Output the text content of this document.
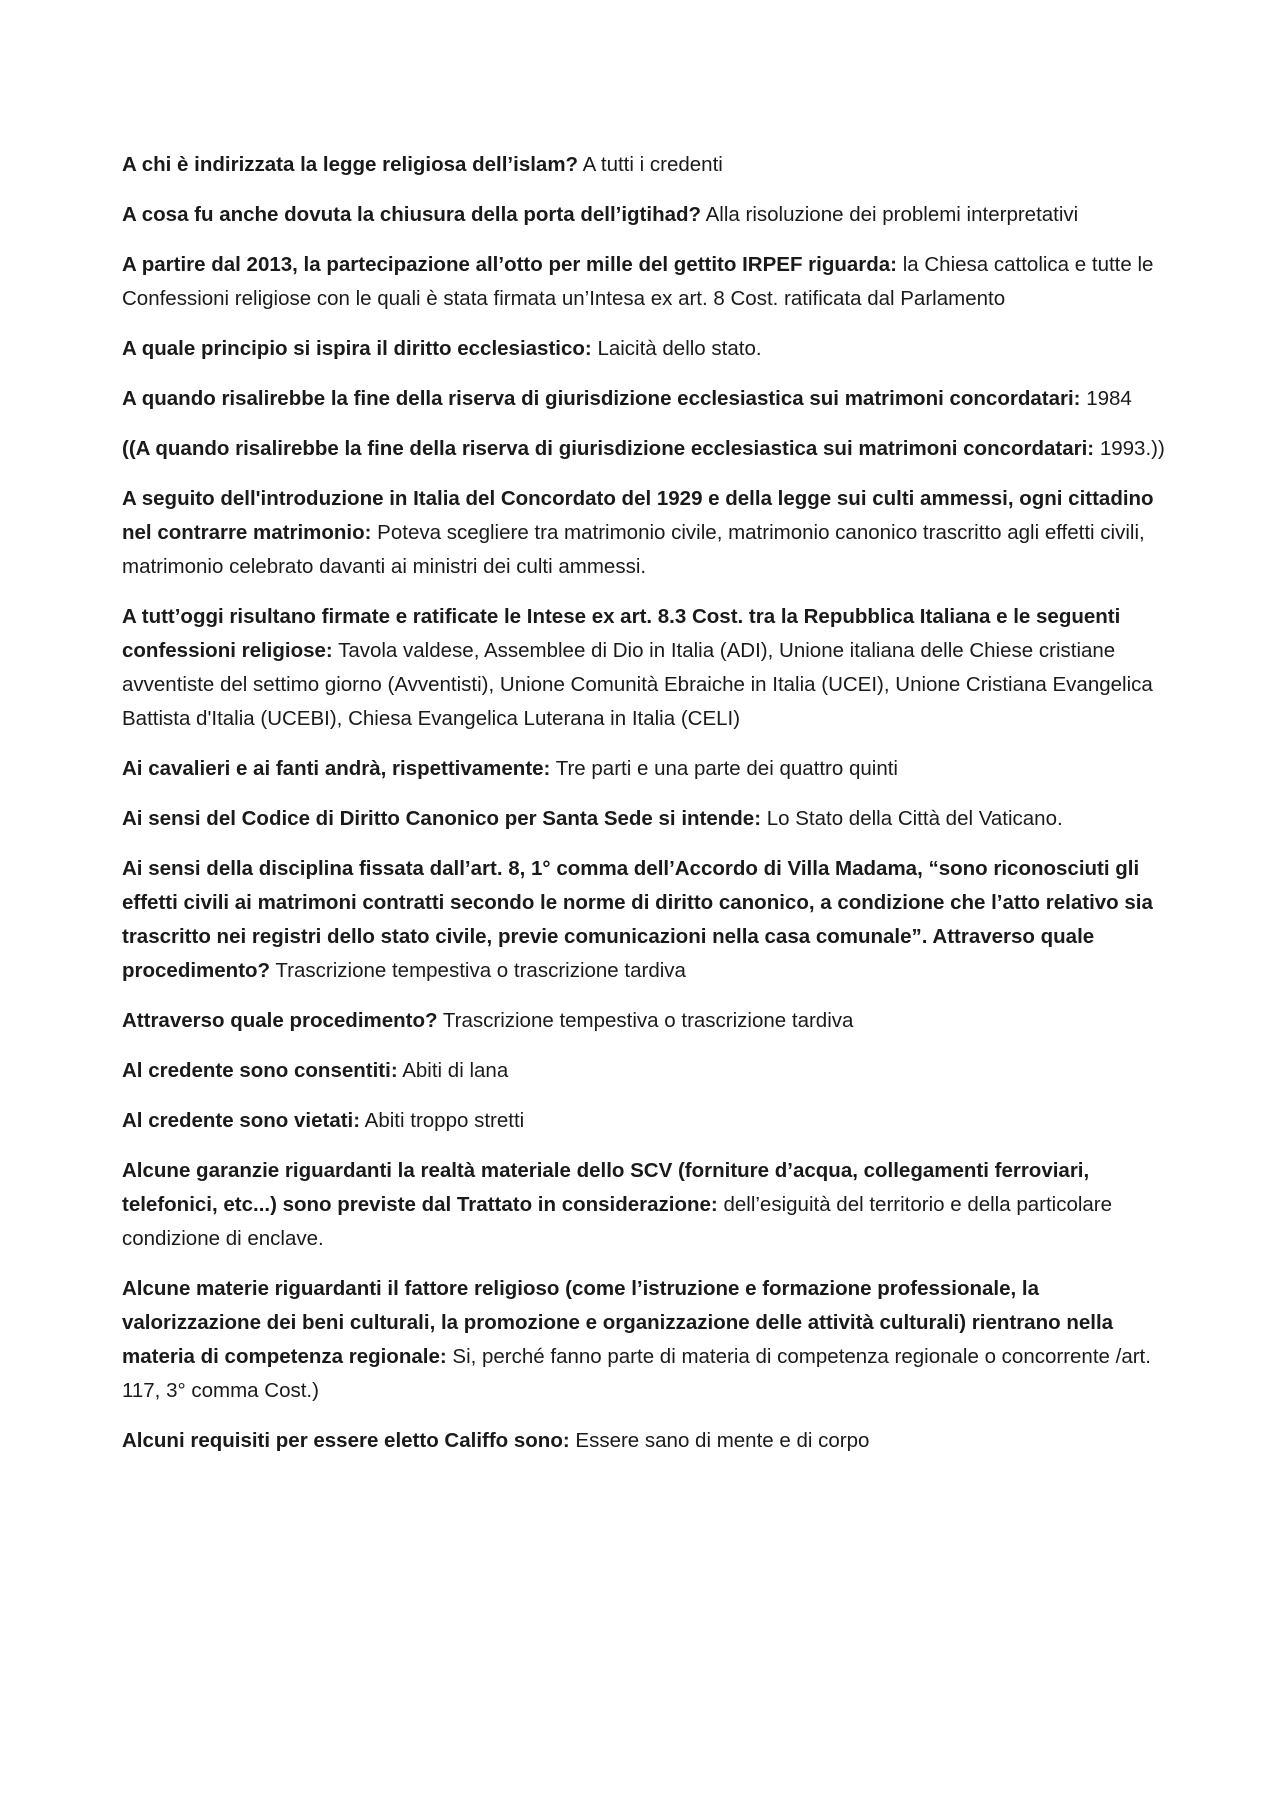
A chi è indirizzata la legge religiosa dell’islam? A tutti i credenti

A cosa fu anche dovuta la chiusura della porta dell’igtihad? Alla risoluzione dei problemi interpretativi

A partire dal 2013, la partecipazione all’otto per mille del gettito IRPEF riguarda: la Chiesa cattolica e tutte le Confessioni religiose con le quali è stata firmata un’Intesa ex art. 8 Cost. ratificata dal Parlamento

A quale principio si ispira il diritto ecclesiastico: Laicità dello stato.

A quando risalirebbe la fine della riserva di giurisdizione ecclesiastica sui matrimoni concordatari: 1984

((A quando risalirebbe la fine della riserva di giurisdizione ecclesiastica sui matrimoni concordatari: 1993.))

A seguito dell'introduzione in Italia del Concordato del 1929 e della legge sui culti ammessi, ogni cittadino nel contrarre matrimonio: Poteva scegliere tra matrimonio civile, matrimonio canonico trascritto agli effetti civili, matrimonio celebrato davanti ai ministri dei culti ammessi.

A tutt’oggi risultano firmate e ratificate le Intese ex art. 8.3 Cost. tra la Repubblica Italiana e le seguenti confessioni religiose: Tavola valdese, Assemblee di Dio in Italia (ADI), Unione italiana delle Chiese cristiane avventiste del settimo giorno (Avventisti), Unione Comunità Ebraiche in Italia (UCEI), Unione Cristiana Evangelica Battista d'Italia (UCEBI), Chiesa Evangelica Luterana in Italia (CELI)

Ai cavalieri e ai fanti andrà, rispettivamente: Tre parti e una parte dei quattro quinti

Ai sensi del Codice di Diritto Canonico per Santa Sede si intende: Lo Stato della Città del Vaticano.

Ai sensi della disciplina fissata dall’art. 8, 1° comma dell’Accordo di Villa Madama, “sono riconosciuti gli effetti civili ai matrimoni contratti secondo le norme di diritto canonico, a condizione che l’atto relativo sia trascritto nei registri dello stato civile, previe comunicazioni nella casa comunale”. Attraverso quale procedimento? Trascrizione tempestiva o trascrizione tardiva

Attraverso quale procedimento? Trascrizione tempestiva o trascrizione tardiva

Al credente sono consentiti: Abiti di lana

Al credente sono vietati: Abiti troppo stretti

Alcune garanzie riguardanti la realtà materiale dello SCV (forniture d’acqua, collegamenti ferroviari, telefonici, etc...) sono previste dal Trattato in considerazione: dell’esiguità del territorio e della particolare condizione di enclave.

Alcune materie riguardanti il fattore religioso (come l’istruzione e formazione professionale, la valorizzazione dei beni culturali, la promozione e organizzazione delle attività culturali) rientrano nella materia di competenza regionale: Si, perché fanno parte di materia di competenza regionale o concorrente /art. 117, 3° comma Cost.)

Alcuni requisiti per essere eletto Califfo sono: Essere sano di mente e di corpo
